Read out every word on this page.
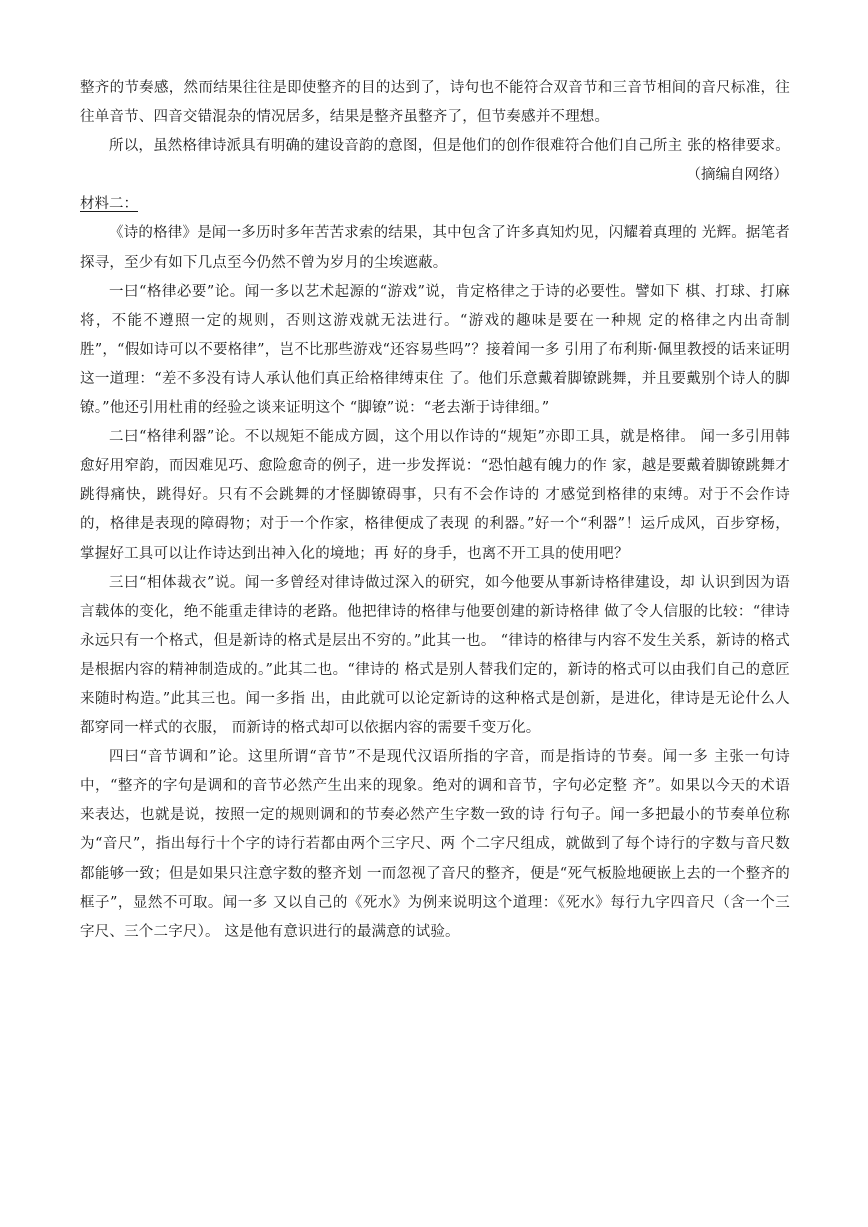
整齐的节奏感，然而结果往往是即使整齐的目的达到了，诗句也不能符合双音节和三音节相间的音尺标准，往往单音节、四音交错混杂的情况居多，结果是整齐虽整齐了，但节奏感并不理想。

所以，虽然格律诗派具有明确的建设音韵的意图，但是他们的创作很难符合他们自己所主 张的格律要求。

（摘编自网络）

材料二：

《诗的格律》是闻一多历时多年苦苦求索的结果，其中包含了许多真知灼见，闪耀着真理的 光辉。据笔者探寻，至少有如下几点至今仍然不曾为岁月的尘埃遮蔽。

一曰“格律必要”论。闻一多以艺术起源的“游戏”说，肯定格律之于诗的必要性。譬如下 棋、打球、打麻将，不能不遵照一定的规则，否则这游戏就无法进行。“游戏的趣味是要在一种规 定的格律之内出奇制胜”，“假如诗可以不要格律”，岂不比那些游戏“还容易些吗”？接着闻一多 引用了布利斯·佩里教授的话来证明这一道理：“差不多没有诗人承认他们真正给格律缚束住 了。他们乐意戴着脚镣跳舞，并且要戴别个诗人的脚镣。”他还引用杜甫的经验之谈来证明这个 “脚镣”说：“老去渐于诗律细。”

二曰“格律利器”论。不以规矩不能成方圆，这个用以作诗的“规矩”亦即工具，就是格律。 闻一多引用韩愈好用窄韵，而因难见巧、愈险愈奇的例子，进一步发挥说：“恐怕越有魄力的作 家，越是要戴着脚镣跳舞才跳得痛快，跳得好。只有不会跳舞的才怪脚镣碍事，只有不会作诗的 才感觉到格律的束缚。对于不会作诗的，格律是表现的障碍物；对于一个作家，格律便成了表现 的利器。”好一个“利器”！运斤成风，百步穿杨，掌握好工具可以让作诗达到出神入化的境地；再 好的身手，也离不开工具的使用吧？

三曰“相体裁衣”说。闻一多曾经对律诗做过深入的研究，如今他要从事新诗格律建设，却 认识到因为语言载体的变化，绝不能重走律诗的老路。他把律诗的格律与他要创建的新诗格律 做了令人信服的比较：“律诗永远只有一个格式，但是新诗的格式是层出不穷的。”此其一也。 “律诗的格律与内容不发生关系，新诗的格式是根据内容的精神制造成的。”此其二也。“律诗的 格式是别人替我们定的，新诗的格式可以由我们自己的意匠来随时构造。”此其三也。闻一多指 出，由此就可以论定新诗的这种格式是创新，是进化，律诗是无论什么人都穿同一样式的衣服， 而新诗的格式却可以依据内容的需要千变万化。

四曰“音节调和”论。这里所谓“音节”不是现代汉语所指的字音，而是指诗的节奏。闻一多 主张一句诗中，“整齐的字句是调和的音节必然产生出来的现象。绝对的调和音节，字句必定整 齐”。如果以今天的术语来表达，也就是说，按照一定的规则调和的节奏必然产生字数一致的诗 行句子。闻一多把最小的节奏单位称为“音尺”，指出每行十个字的诗行若都由两个三字尺、两 个二字尺组成，就做到了每个诗行的字数与音尺数都能够一致；但是如果只注意字数的整齐划 一而忽视了音尺的整齐，便是“死气板脸地硬嵌上去的一个整齐的框子”，显然不可取。闻一多 又以自己的《死水》为例来说明这个道理：《死水》每行九字四音尺（含一个三字尺、三个二字尺）。 这是他有意识进行的最满意的试验。
